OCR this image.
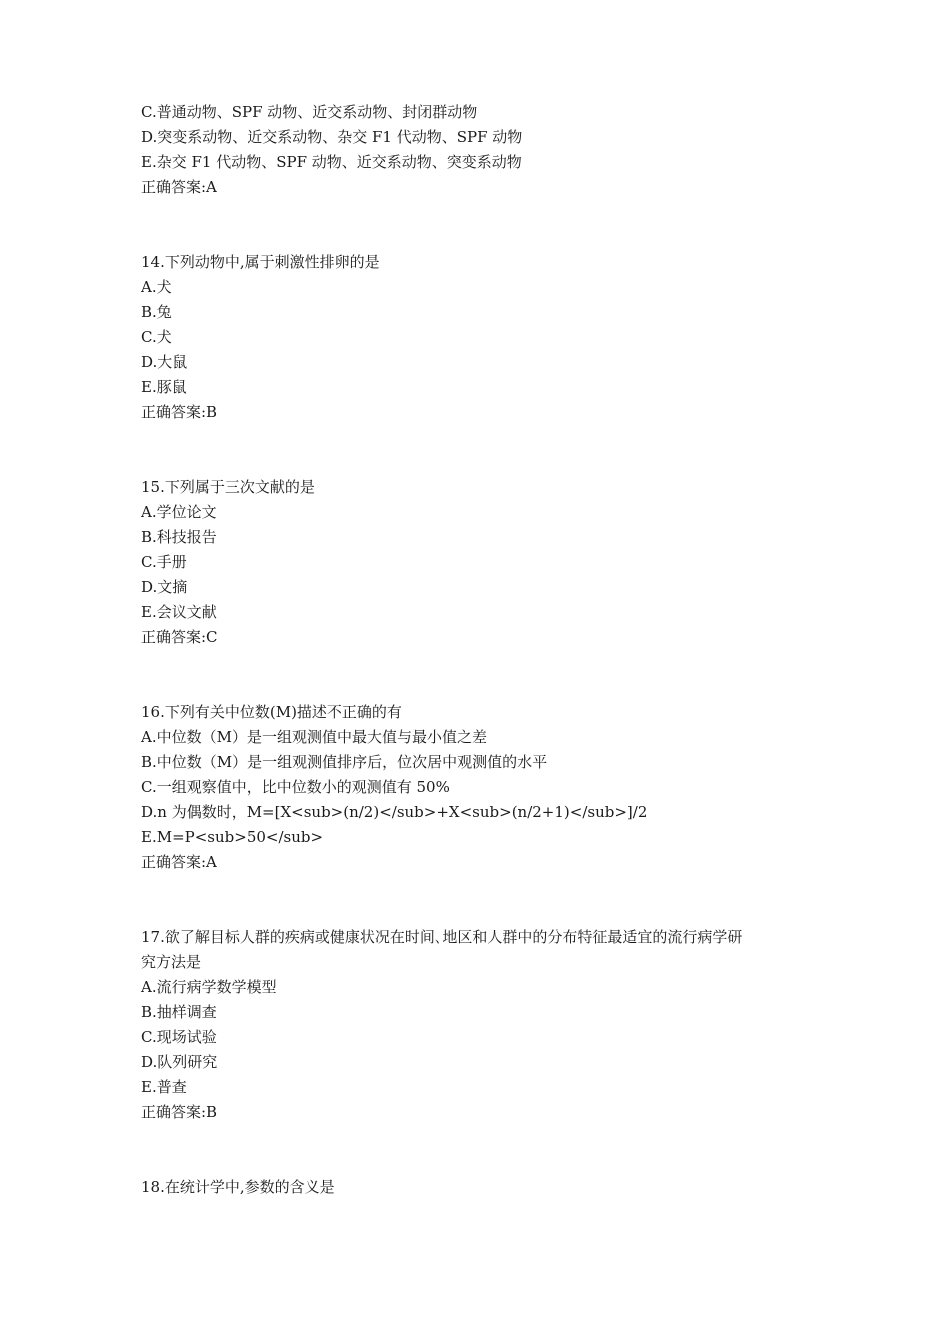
C.普通动物、SPF 动物、近交系动物、封闭群动物
D.突变系动物、近交系动物、杂交 F1 代动物、SPF 动物
E.杂交 F1 代动物、SPF 动物、近交系动物、突变系动物
正确答案:A
14.下列动物中,属于刺激性排卵的是
A.犬
B.兔
C.犬
D.大鼠
E.豚鼠
正确答案:B
15.下列属于三次文献的是
A.学位论文
B.科技报告
C.手册
D.文摘
E.会议文献
正确答案:C
16.下列有关中位数(M)描述不正确的有
A.中位数（M）是一组观测值中最大值与最小值之差
B.中位数（M）是一组观测值排序后，位次居中观测值的水平
C.一组观察值中，比中位数小的观测值有 50%
D.n 为偶数时，M=[X<sub>(n/2)</sub>+X<sub>(n/2+1)</sub>]/2
E.M=P<sub>50</sub>
正确答案:A
17.欲了解目标人群的疾病或健康状况在时间､地区和人群中的分布特征最适宜的流行病学研
究方法是
A.流行病学数学模型
B.抽样调查
C.现场试验
D.队列研究
E.普查
正确答案:B
18.在统计学中,参数的含义是
